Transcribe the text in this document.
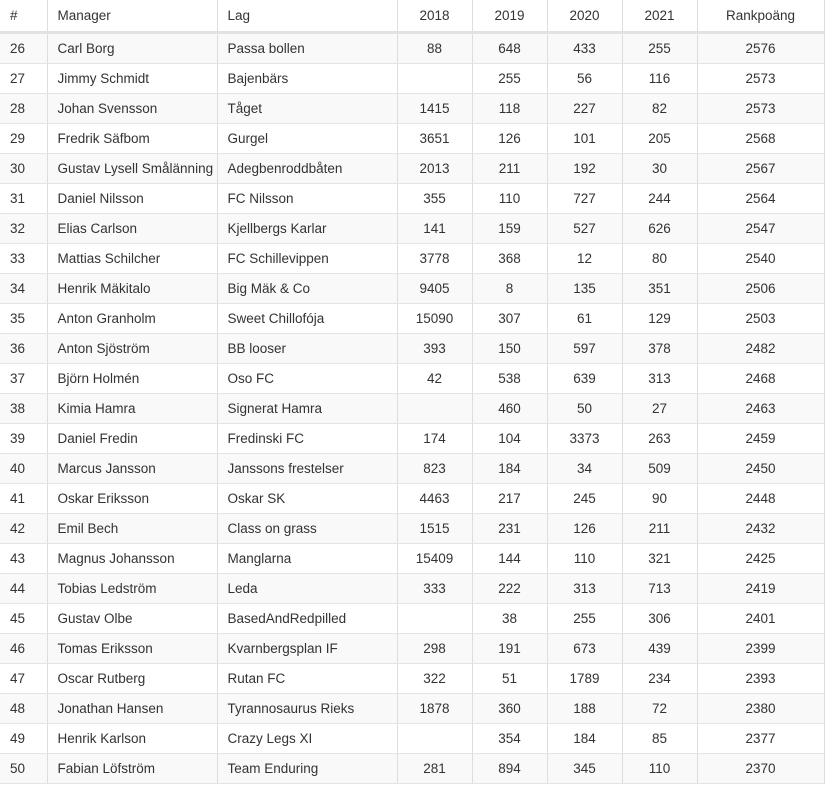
#	Manager	Lag	2018	2019	2020	2021	Rankpoäng
26	Carl Borg	Passa bollen	88	648	433	255	2576
27	Jimmy Schmidt	Bajenbärs		255	56	116	2573
28	Johan Svensson	Tåget	1415	118	227	82	2573
29	Fredrik Säfbom	Gurgel	3651	126	101	205	2568
30	Gustav Lysell Smålänning	Adegbenroddbåten	2013	211	192	30	2567
31	Daniel Nilsson	FC Nilsson	355	110	727	244	2564
32	Elias Carlson	Kjellbergs Karlar	141	159	527	626	2547
33	Mattias Schilcher	FC Schillevippen	3778	368	12	80	2540
34	Henrik Mäkitalo	Big Mäk & Co	9405	8	135	351	2506
35	Anton Granholm	Sweet Chillofója	15090	307	61	129	2503
36	Anton Sjöström	BB looser	393	150	597	378	2482
37	Björn Holmén	Oso FC	42	538	639	313	2468
38	Kimia Hamra	Signerat Hamra		460	50	27	2463
39	Daniel Fredin	Fredinski FC	174	104	3373	263	2459
40	Marcus Jansson	Janssons frestelser	823	184	34	509	2450
41	Oskar Eriksson	Oskar SK	4463	217	245	90	2448
42	Emil Bech	Class on grass	1515	231	126	211	2432
43	Magnus Johansson	Manglarna	15409	144	110	321	2425
44	Tobias Ledström	Leda	333	222	313	713	2419
45	Gustav Olbe	BasedAndRedpilled		38	255	306	2401
46	Tomas Eriksson	Kvarnbergsplan IF	298	191	673	439	2399
47	Oscar Rutberg	Rutan FC	322	51	1789	234	2393
48	Jonathan Hansen	Tyrannosaurus Rieks	1878	360	188	72	2380
49	Henrik Karlson	Crazy Legs XI		354	184	85	2377
50	Fabian Löfström	Team Enduring	281	894	345	110	2370
